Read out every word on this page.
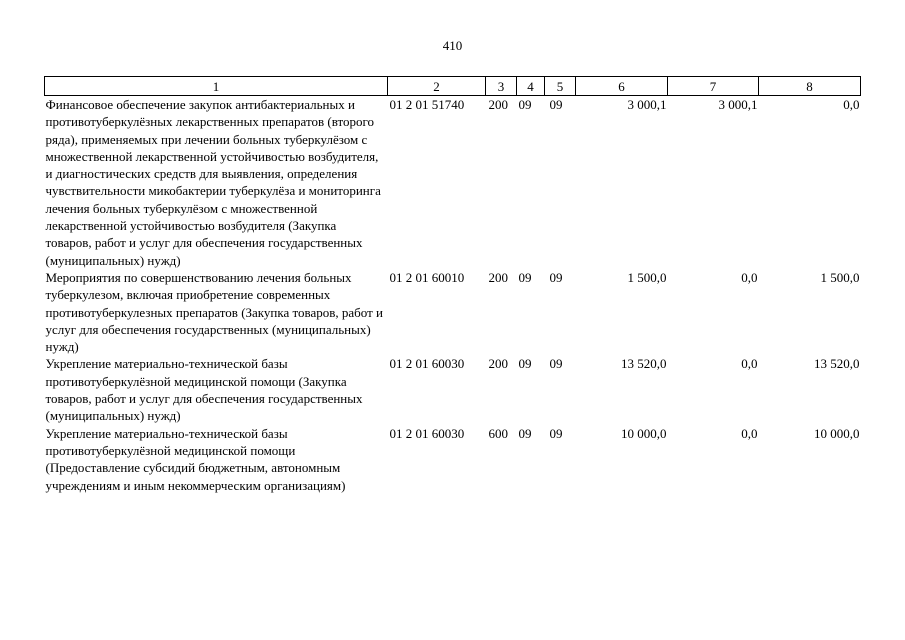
410
1	2	3	4	5	6	7	8
Финансовое обеспечение закупок антибактериальных и противотуберкулёзных лекарственных препаратов (второго ряда), применяемых при лечении больных туберкулёзом с множественной лекарственной устойчивостью возбудителя, и диагностических средств для выявления, определения чувствительности микобактерии туберкулёза и мониторинга лечения больных туберкулёзом с множественной лекарственной устойчивостью возбудителя (Закупка товаров, работ и услуг для обеспечения государственных (муниципальных) нужд)	01 2 01 51740	200	09	09	3 000,1	3 000,1	0,0
Мероприятия по совершенствованию лечения больных туберкулезом, включая приобретение современных противотуберкулезных препаратов (Закупка товаров, работ и услуг для обеспечения государственных (муниципальных) нужд)	01 2 01 60010	200	09	09	1 500,0	0,0	1 500,0
Укрепление материально-технической базы противотуберкулёзной медицинской помощи (Закупка товаров, работ и услуг для обеспечения государственных (муниципальных) нужд)	01 2 01 60030	200	09	09	13 520,0	0,0	13 520,0
Укрепление материально-технической базы противотуберкулёзной медицинской помощи (Предоставление субсидий бюджетным, автономным учреждениям и иным некоммерческим организациям)	01 2 01 60030	600	09	09	10 000,0	0,0	10 000,0
